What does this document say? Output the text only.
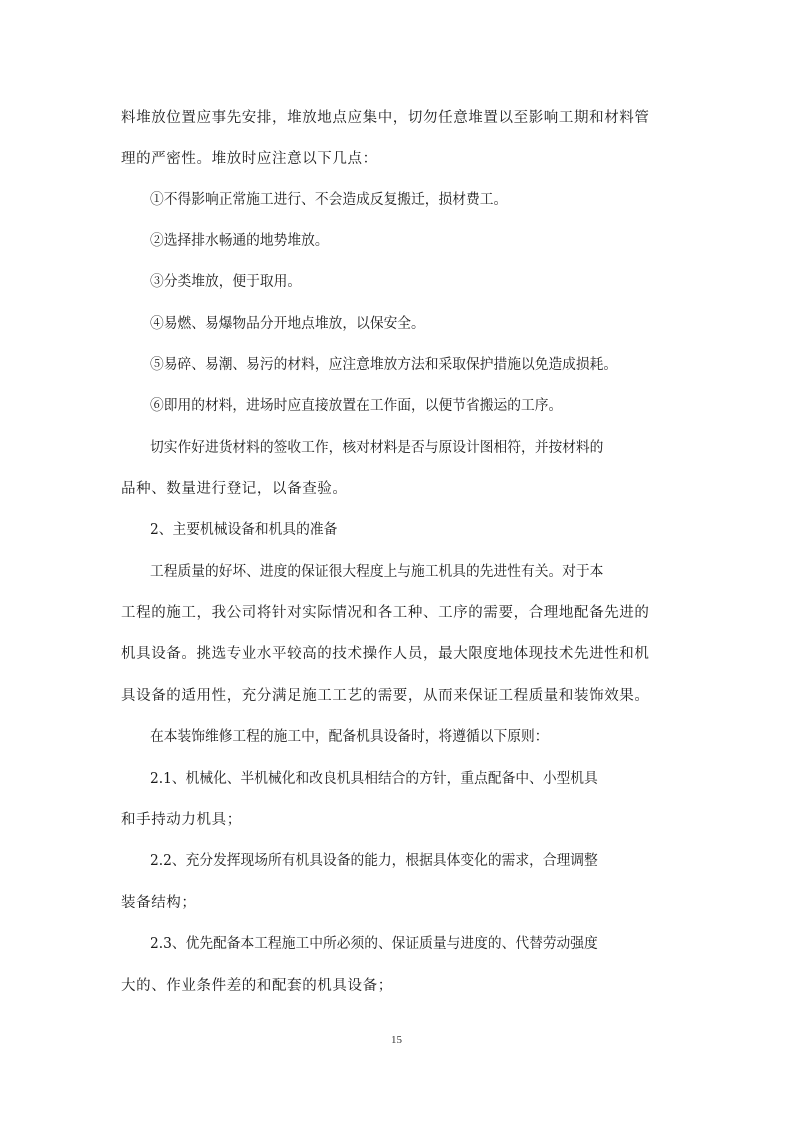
料堆放位置应事先安排，堆放地点应集中，切勿任意堆置以至影响工期和材料管
理的严密性。堆放时应注意以下几点：
①不得影响正常施工进行、不会造成反复搬迁，损材费工。
②选择排水畅通的地势堆放。
③分类堆放，便于取用。
④易燃、易爆物品分开地点堆放，以保安全。
⑤易碎、易潮、易污的材料，应注意堆放方法和采取保护措施以免造成损耗。
⑥即用的材料，进场时应直接放置在工作面，以便节省搬运的工序。
切实作好进货材料的签收工作，核对材料是否与原设计图相符，并按材料的
品种、数量进行登记，以备查验。
2、主要机械设备和机具的准备
工程质量的好坏、进度的保证很大程度上与施工机具的先进性有关。对于本
工程的施工，我公司将针对实际情况和各工种、工序的需要，合理地配备先进的
机具设备。挑选专业水平较高的技术操作人员，最大限度地体现技术先进性和机
具设备的适用性，充分满足施工工艺的需要，从而来保证工程质量和装饰效果。
在本装饰维修工程的施工中，配备机具设备时，将遵循以下原则：
2.1、机械化、半机械化和改良机具相结合的方针，重点配备中、小型机具
和手持动力机具；
2.2、充分发挥现场所有机具设备的能力，根据具体变化的需求，合理调整
装备结构；
2.3、优先配备本工程施工中所必须的、保证质量与进度的、代替劳动强度
大的、作业条件差的和配套的机具设备；
15
